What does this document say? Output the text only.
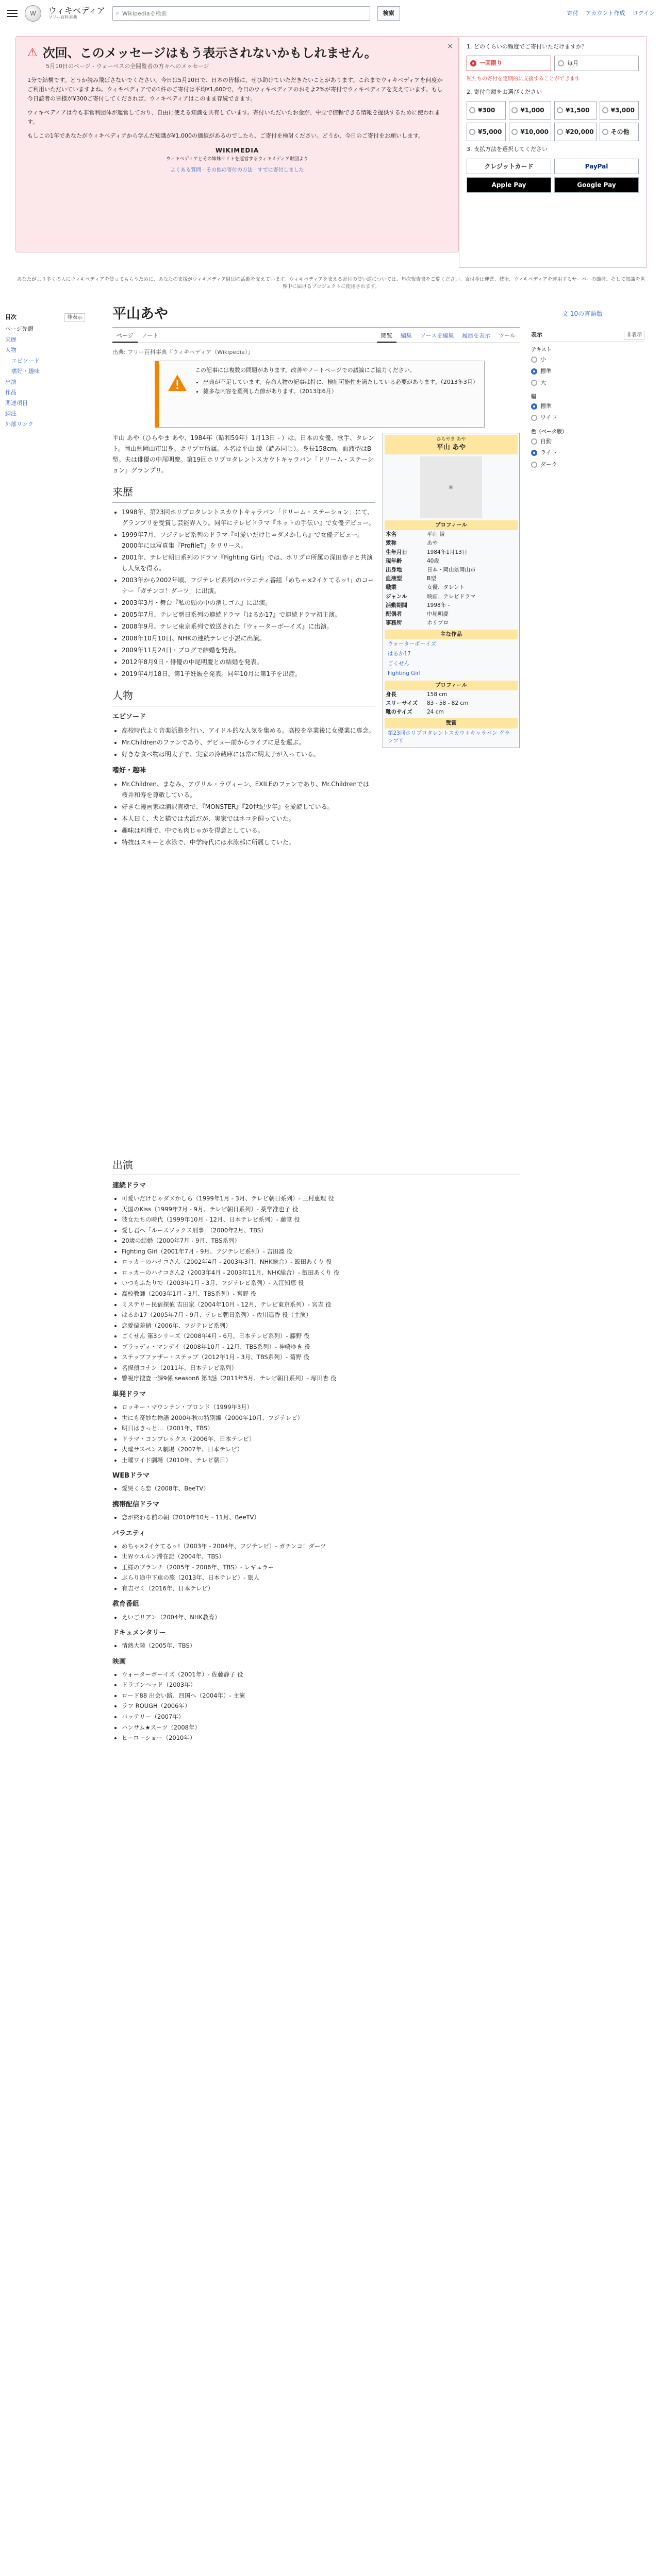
W	ウィキペディア
フリー百科事典
⌕
Wikipediaを検索	検索	寄付 アカウント作成 ログイン
×
⚠ 次回、このメッセージはもう表示されないかもしれません。
5月10日のページ - ウェーベスの全閲覧者の方々へのメッセージ

1分で結構です。どうか読み飛ばさないでください。今日は5月10日で、日本の皆様に、ぜひ助けていただきたいことがあります。これまでウィキペディアを何度かご利用いただいていますよね。ウィキペディアでの1件のご寄付は平均¥1,600で、今日のウィキペディアのおそよ2%が寄付でウィキペディアを支えています。もし今日読者の皆様が¥300ご寄付してくだされば、ウィキペディアはこのまま存続できます。

ウィキペディアは今も非営利団体が運営しており、自由に使える知識を共有しています。寄付いただいたお金が、中立で信頼できる情報を提供するために使われます。

もしこの1年であなたがウィキペディアから学んだ知識が¥1,000の価値があるのでしたら、ご寄付を検討ください。どうか、今日のご寄付をお願いします。

WIKIMEDIA
ウィキペディアとその姉妹サイトを運営するウィキメディア財団より
よくある質問 · その他の寄付の方法 · すでに寄付しました
1. どのくらいの頻度でご寄付いただけますか？
一回限り	毎月
私たちの寄付を定期的に支援することができます
2. 寄付金額をお選びください
¥300	¥1,000	¥1,500	¥3,000
¥5,000	¥10,000	¥20,000	その他
3. 支払方法を選択してください
クレジットカード	PayPal
Apple Pay	Google Pay
あなたがより多くの人にウィキペディアを使ってもらうために、あなたの支援がウィキメディア財団の活動を支えています。ウィキペディアを支える寄付の使い道については、年次報告書をご覧ください。寄付金は運営、技術、ウィキペディアを運用するサーバーの維持、そして知識を世界中に届けるプロジェクトに使用されます。
目次	非表示
ページ先頭
来歴
人物
エピソード
嗜好・趣味
出演
作品
関連項目
脚注
外部リンク
平山あや	文 10の言語版
ページ	ノート	閲覧	編集	ソースを編集	履歴を表示	ツール
出典: フリー百科事典『ウィキペディア（Wikipedia）』
表示	非表示
テキスト
小
標準
大
幅
標準
ワイド
色（ベータ版）
自動
ライト
ダーク
この記事には複数の問題があります。改善やノートページでの議論にご協力ください。
• 出典が不足しています。存命人物の記事は特に、検証可能性を満たしている必要があります。（2013年3月）
• 雑多な内容を羅列した節があります。（2013年6月）

平山 あや（ひらやま あや、1984年（昭和59年）1月13日 - ）は、日本の女優、歌手、タレント。岡山県岡山市出身。ホリプロ所属。本名は平山 綾（読み同じ）。身長158cm。血液型はB型。夫は俳優の中尾明慶。第19回ホリプロタレントスカウトキャラバン「ドリーム・ステーション」グランプリ。

来歴
• 1998年、第23回ホリプロタレントスカウトキャラバン「ドリーム・ステーション」にて、グランプリを受賞し芸能界入り。同年にテレビドラマ『ネットの手伝い』で女優デビュー。
• 1999年7月、フジテレビ系列のドラマ『可愛いだけじゃダメかしら』で女優デビュー。2000年には写真集『ProfileT』をリリース。
• 2001年、テレビ朝日系列のドラマ『Fighting Girl』では、ホリプロ所属の深田恭子と共演し人気を得る。
• 2003年から2002年頃、フジテレビ系列のバラエティ番組「めちゃ×2イケてるッ!」のコーナー「ガチンコ！ダーツ」に出演。
• 2003年3月・舞台『私の頭の中の消しゴム』に出演。
• 2005年7月、テレビ朝日系列の連続ドラマ『はるか17』で連続ドラマ初主演。
• 2008年9月、テレビ東京系列で放送された『ウォーターボーイズ』に出演。
• 2008年10月10日、NHKの連続テレビ小説に出演。
• 2009年11月24日・ブログで結婚を発表。
• 2012年8月9日・俳優の中尾明慶との結婚を発表。
• 2019年4月18日、第1子妊娠を発表。同年10月に第1子を出産。
人物
エピソード
• 高校時代より音楽活動を行い、アイドル的な人気を集める。高校を卒業後に女優業に専念。
• Mr.Childrenのファンであり、デビュー前からライブに足を運ぶ。
• 好きな食べ物は明太子で、実家の冷蔵庫には常に明太子が入っている。
嗜好・趣味
• Mr.Children、まなみ、アヴリル・ラヴィーン、EXILEのファンであり、Mr.Childrenでは桜井和寿を尊敬している。
• 好きな漫画家は浦沢直樹で、『MONSTER』『20世紀少年』を愛読している。
• 本人曰く、犬と猫では犬派だが、実家ではネコを飼っていた。
• 趣味は料理で、中でも肉じゃがを得意としている。
• 特技はスキーと水泳で、中学時代には水泳部に所属していた。
ひらやま あや
平山 あや
▣
プロフィール
本名	平山 綾
愛称	あや
生年月日	1984年1月13日
現年齢	40歳
出身地	日本・岡山県岡山市
血液型	B型
職業	女優、タレント
ジャンル	映画、テレビドラマ
活動期間	1998年 -
配偶者	中尾明慶
事務所	ホリプロ
主な作品
ウォーターボーイズ
はるか17
ごくせん
Fighting Girl
プロフィール
身長	158 cm
スリーサイズ	83 - 58 - 82 cm
靴のサイズ	24 cm
受賞
第23回ホリプロタレントスカウトキャラバン グランプリ
出演
連続ドラマ
• 可愛いだけじゃダメかしら（1999年1月 - 3月、テレビ朝日系列）- 三村恵理 役
• 天国のKiss（1999年7月 - 9月、テレビ朝日系列）- 薬学准也子 役
• 彼女たちの時代（1999年10月 - 12月、日本テレビ系列）- 藤堂 役
• 愛し君へ「ルーズソックス刑事」（2000年2月、TBS）
• 20歳の結婚（2000年7月 - 9月、TBS系列）
• Fighting Girl（2001年7月 - 9月、フジテレビ系列）- 吉田凛 役
• ロッカーのハナコさん（2002年4月 - 2003年3月、NHK総合）- 飯田あくり 役
• ロッカーのハナコさん2（2003年4月 - 2003年11月、NHK総合）- 飯田あくり 役
• いつもふたりで（2003年1月 - 3月、フジテレビ系列）- 入江知恵 役
• 高校教師（2003年1月 - 3月、TBS系列）- 宮野 役
• ミステリー民宿探偵 吉田家（2004年10月 - 12月、テレビ東京系列）- 宮吉 役
• はるか17（2005年7月 - 9月、テレビ朝日系列）- 佐川遥香 役（主演）
• 恋愛偏差値（2006年、フジテレビ系列）
• ごくせん 第3シリーズ（2008年4月 - 6月、日本テレビ系列）- 藤野 役
• ブラッディ・マンデイ（2008年10月 - 12月、TBS系列）- 神崎ゆき 役
• ステップファザー・ステップ（2012年1月 - 3月、TBS系列）- 菊野 役
• 名探偵コナン（2011年、日本テレビ系列）
• 警視庁捜査一課9係 season6 第3話（2011年5月、テレビ朝日系列）- 塚田杏 役
単発ドラマ
• ロッキー・マウンテン・ブロンド（1999年3月）
• 世にも奇妙な物語 2000年秋の特別編（2000年10月、フジテレビ）
• 明日はきっと…（2001年、TBS）
• ドラマ・コンプレックス（2006年、日本テレビ）
• 火曜サスペンス劇場（2007年、日本テレビ）
• 土曜ワイド劇場（2010年、テレビ朝日）
WEBドラマ
• 愛哭くら恋（2008年、BeeTV）
携帯配信ドラマ
• 恋が終わる前の朝（2010年10月 - 11月、BeeTV）
バラエティ
• めちゃ×2イケてるッ!（2003年 - 2004年、フジテレビ）- ガチンコ！ダーツ
• 世界ウルルン滞在記（2004年、TBS）
• 王様のブランチ（2005年 - 2006年、TBS）- レギュラー
• ぶらり途中下車の旅（2013年、日本テレビ）- 旅人
• 有吉ゼミ（2016年、日本テレビ）
教育番組
• えいごリアン（2004年、NHK教育）
ドキュメンタリー
• 情熱大陸（2005年、TBS）
映画
• ウォーターボーイズ（2001年）- 佐藤静子 役
• ドラゴンヘッド（2003年）
• ロード88 出会い路、四国へ（2004年）- 主演
• ラフ ROUGH（2006年）
• バッテリー（2007年）
• ハンサム★スーツ（2008年）
• ヒーローショー（2010年）
